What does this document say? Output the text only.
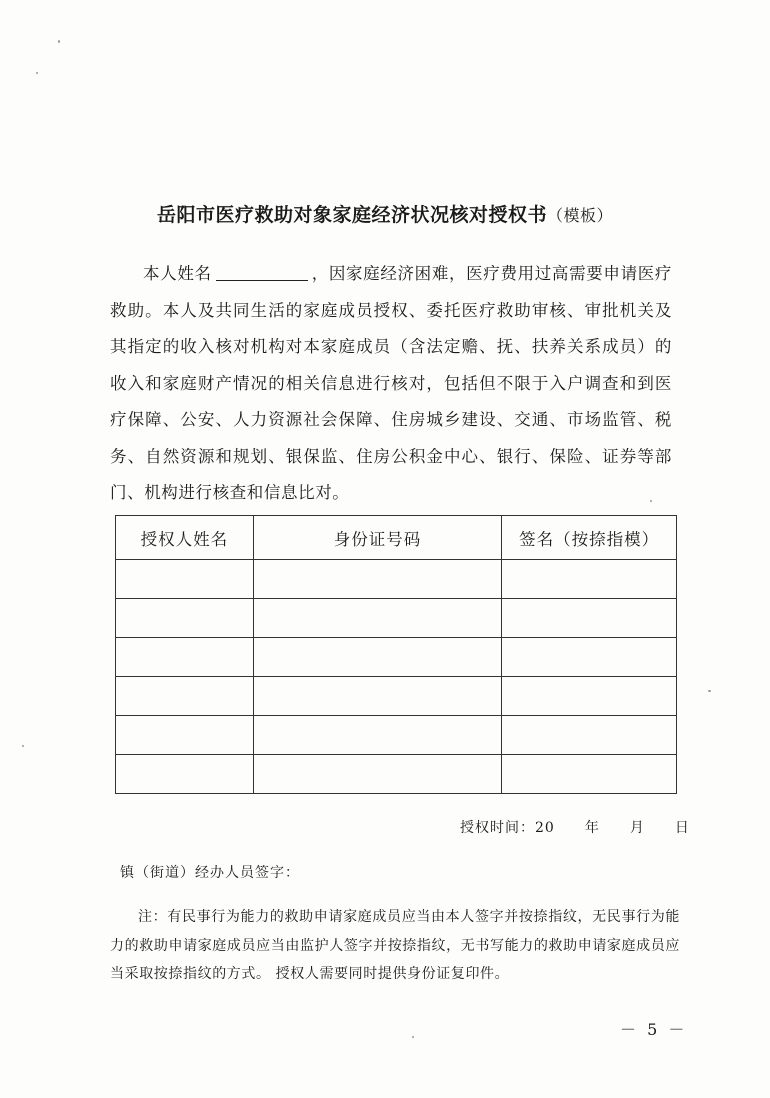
岳阳市医疗救助对象家庭经济状况核对授权书（模板）

本人姓名	，因家庭经济困难，医疗费用过高需要申请医疗救助。本人及共同生活的家庭成员授权、委托医疗救助审核、审批机关及其指定的收入核对机构对本家庭成员（含法定赡、抚、扶养关系成员）的收入和家庭财产情况的相关信息进行核对，包括但不限于入户调查和到医疗保障、公安、人力资源社会保障、住房城乡建设、交通、市场监管、税务、自然资源和规划、银保监、住房公积金中心、银行、保险、证券等部门、机构进行核查和信息比对。

授权人姓名	身份证号码	签名（按捺指模）

授权时间：20 年 月 日
镇（街道）经办人员签字：

注：有民事行为能力的救助申请家庭成员应当由本人签字并按捺指纹，无民事行为能力的救助申请家庭成员应当由监护人签字并按捺指纹，无书写能力的救助申请家庭成员应当采取按捺指纹的方式。 授权人需要同时提供身份证复印件。

－ 5 －
